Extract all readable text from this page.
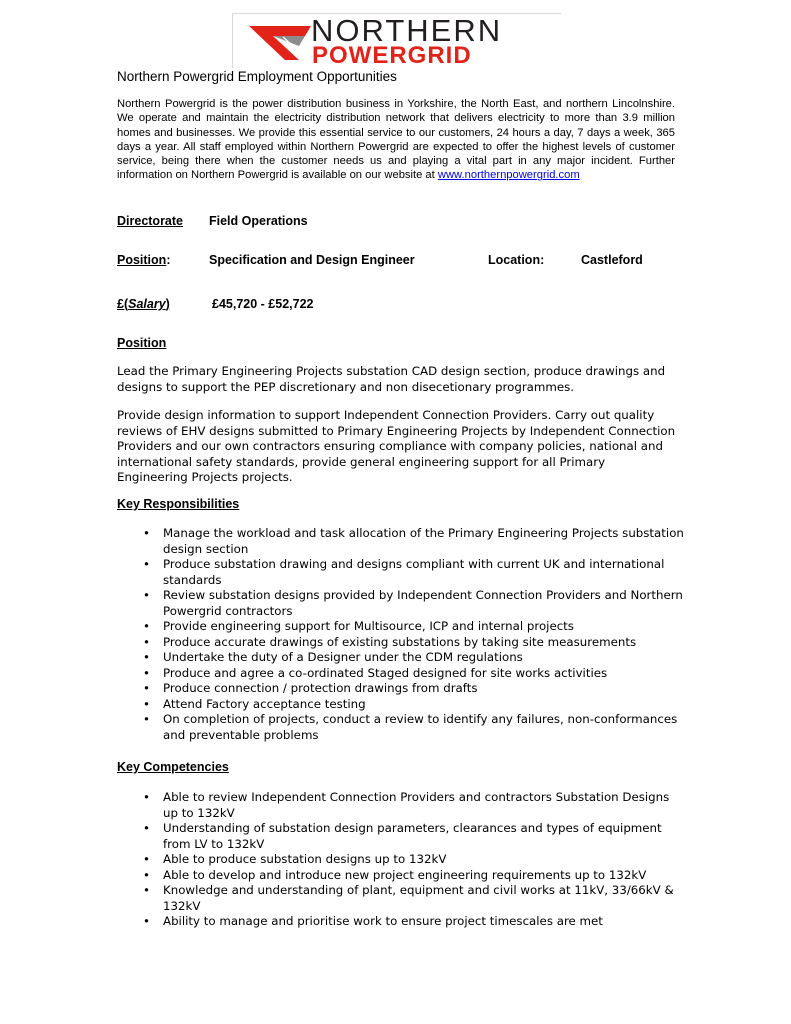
NORTHERN
POWERGRID
Northern Powergrid Employment Opportunities
Northern Powergrid is the power distribution business in Yorkshire, the North East, and northern Lincolnshire. We operate and maintain the electricity distribution network that delivers electricity to more than 3.9 million homes and businesses. We provide this essential service to our customers, 24 hours a day, 7 days a week, 365 days a year. All staff employed within Northern Powergrid are expected to offer the highest levels of customer service, being there when the customer needs us and playing a vital part in any major incident. Further information on Northern Powergrid is available on our website at www.northernpowergrid.com
Directorate Field Operations
Position:	Specification and Design Engineer	Location:	Castleford
£(Salary)	£45,720 - £52,722
Position
Lead the Primary Engineering Projects substation CAD design section, produce drawings and designs to support the PEP discretionary and non disecetionary programmes.
Provide design information to support Independent Connection Providers. Carry out quality reviews of EHV designs submitted to Primary Engineering Projects by Independent Connection Providers and our own contractors ensuring compliance with company policies, national and international safety standards, provide general engineering support for all Primary Engineering Projects projects.
Key Responsibilities
• Manage the workload and task allocation of the Primary Engineering Projects substation design section
• Produce substation drawing and designs compliant with current UK and international standards
• Review substation designs provided by Independent Connection Providers and Northern Powergrid contractors
• Provide engineering support for Multisource, ICP and internal projects
• Produce accurate drawings of existing substations by taking site measurements
• Undertake the duty of a Designer under the CDM regulations
• Produce and agree a co-ordinated Staged designed for site works activities
• Produce connection / protection drawings from drafts
• Attend Factory acceptance testing
• On completion of projects, conduct a review to identify any failures, non-conformances and preventable problems
Key Competencies
• Able to review Independent Connection Providers and contractors Substation Designs up to 132kV
• Understanding of substation design parameters, clearances and types of equipment from LV to 132kV
• Able to produce substation designs up to 132kV
• Able to develop and introduce new project engineering requirements up to 132kV
• Knowledge and understanding of plant, equipment and civil works at 11kV, 33/66kV & 132kV
• Ability to manage and prioritise work to ensure project timescales are met
